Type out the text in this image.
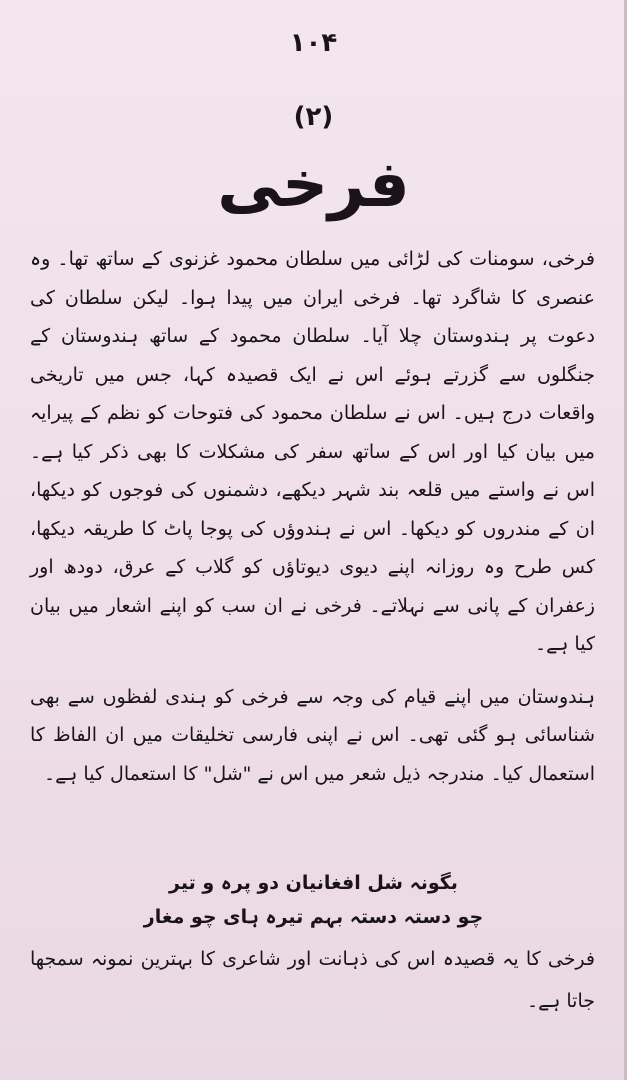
۱۰۴
(۲)
فرخی

فرخی، سومنات کی لڑائی میں سلطان محمود غزنوی کے ساتھ تھا۔ وہ عنصری کا شاگرد تھا۔ فرخی ایران میں پیدا ہوا۔ لیکن سلطان کی دعوت پر ہندوستان چلا آیا۔ سلطان محمود کے ساتھ ہندوستان کے جنگلوں سے گزرتے ہوئے اس نے ایک قصیدہ کہا، جس میں تاریخی واقعات درج ہیں۔ اس نے سلطان محمود کی فتوحات کو نظم کے پیرایہ میں بیان کیا اور اس کے ساتھ سفر کی مشکلات کا بھی ذکر کیا ہے۔ اس نے واستے میں قلعہ بند شہر دیکھے، دشمنوں کی فوجوں کو دیکھا، ان کے مندروں کو دیکھا۔ اس نے ہندوؤں کی پوجا پاٹ کا طریقہ دیکھا، کس طرح وہ روزانہ اپنے دیوی دیوتاؤں کو گلاب کے عرق، دودھ اور زعفران کے پانی سے نہلاتے۔ فرخی نے ان سب کو اپنے اشعار میں بیان کیا ہے۔

ہندوستان میں اپنے قیام کی وجہ سے فرخی کو ہندی لفظوں سے بھی شناسائی ہو گئی تھی۔ اس نے اپنی فارسی تخلیقات میں ان الفاظ کا استعمال کیا۔ مندرجہ ذیل شعر میں اس نے "شل" کا استعمال کیا ہے۔

بگونہ شل افغانیان دو پرہ و تیر
چو دستہ دستہ بہم تیرہ ہای چو مغار
فرخی کا یہ قصیدہ اس کی ذہانت اور شاعری کا بہترین نمونہ سمجھا جاتا ہے۔
